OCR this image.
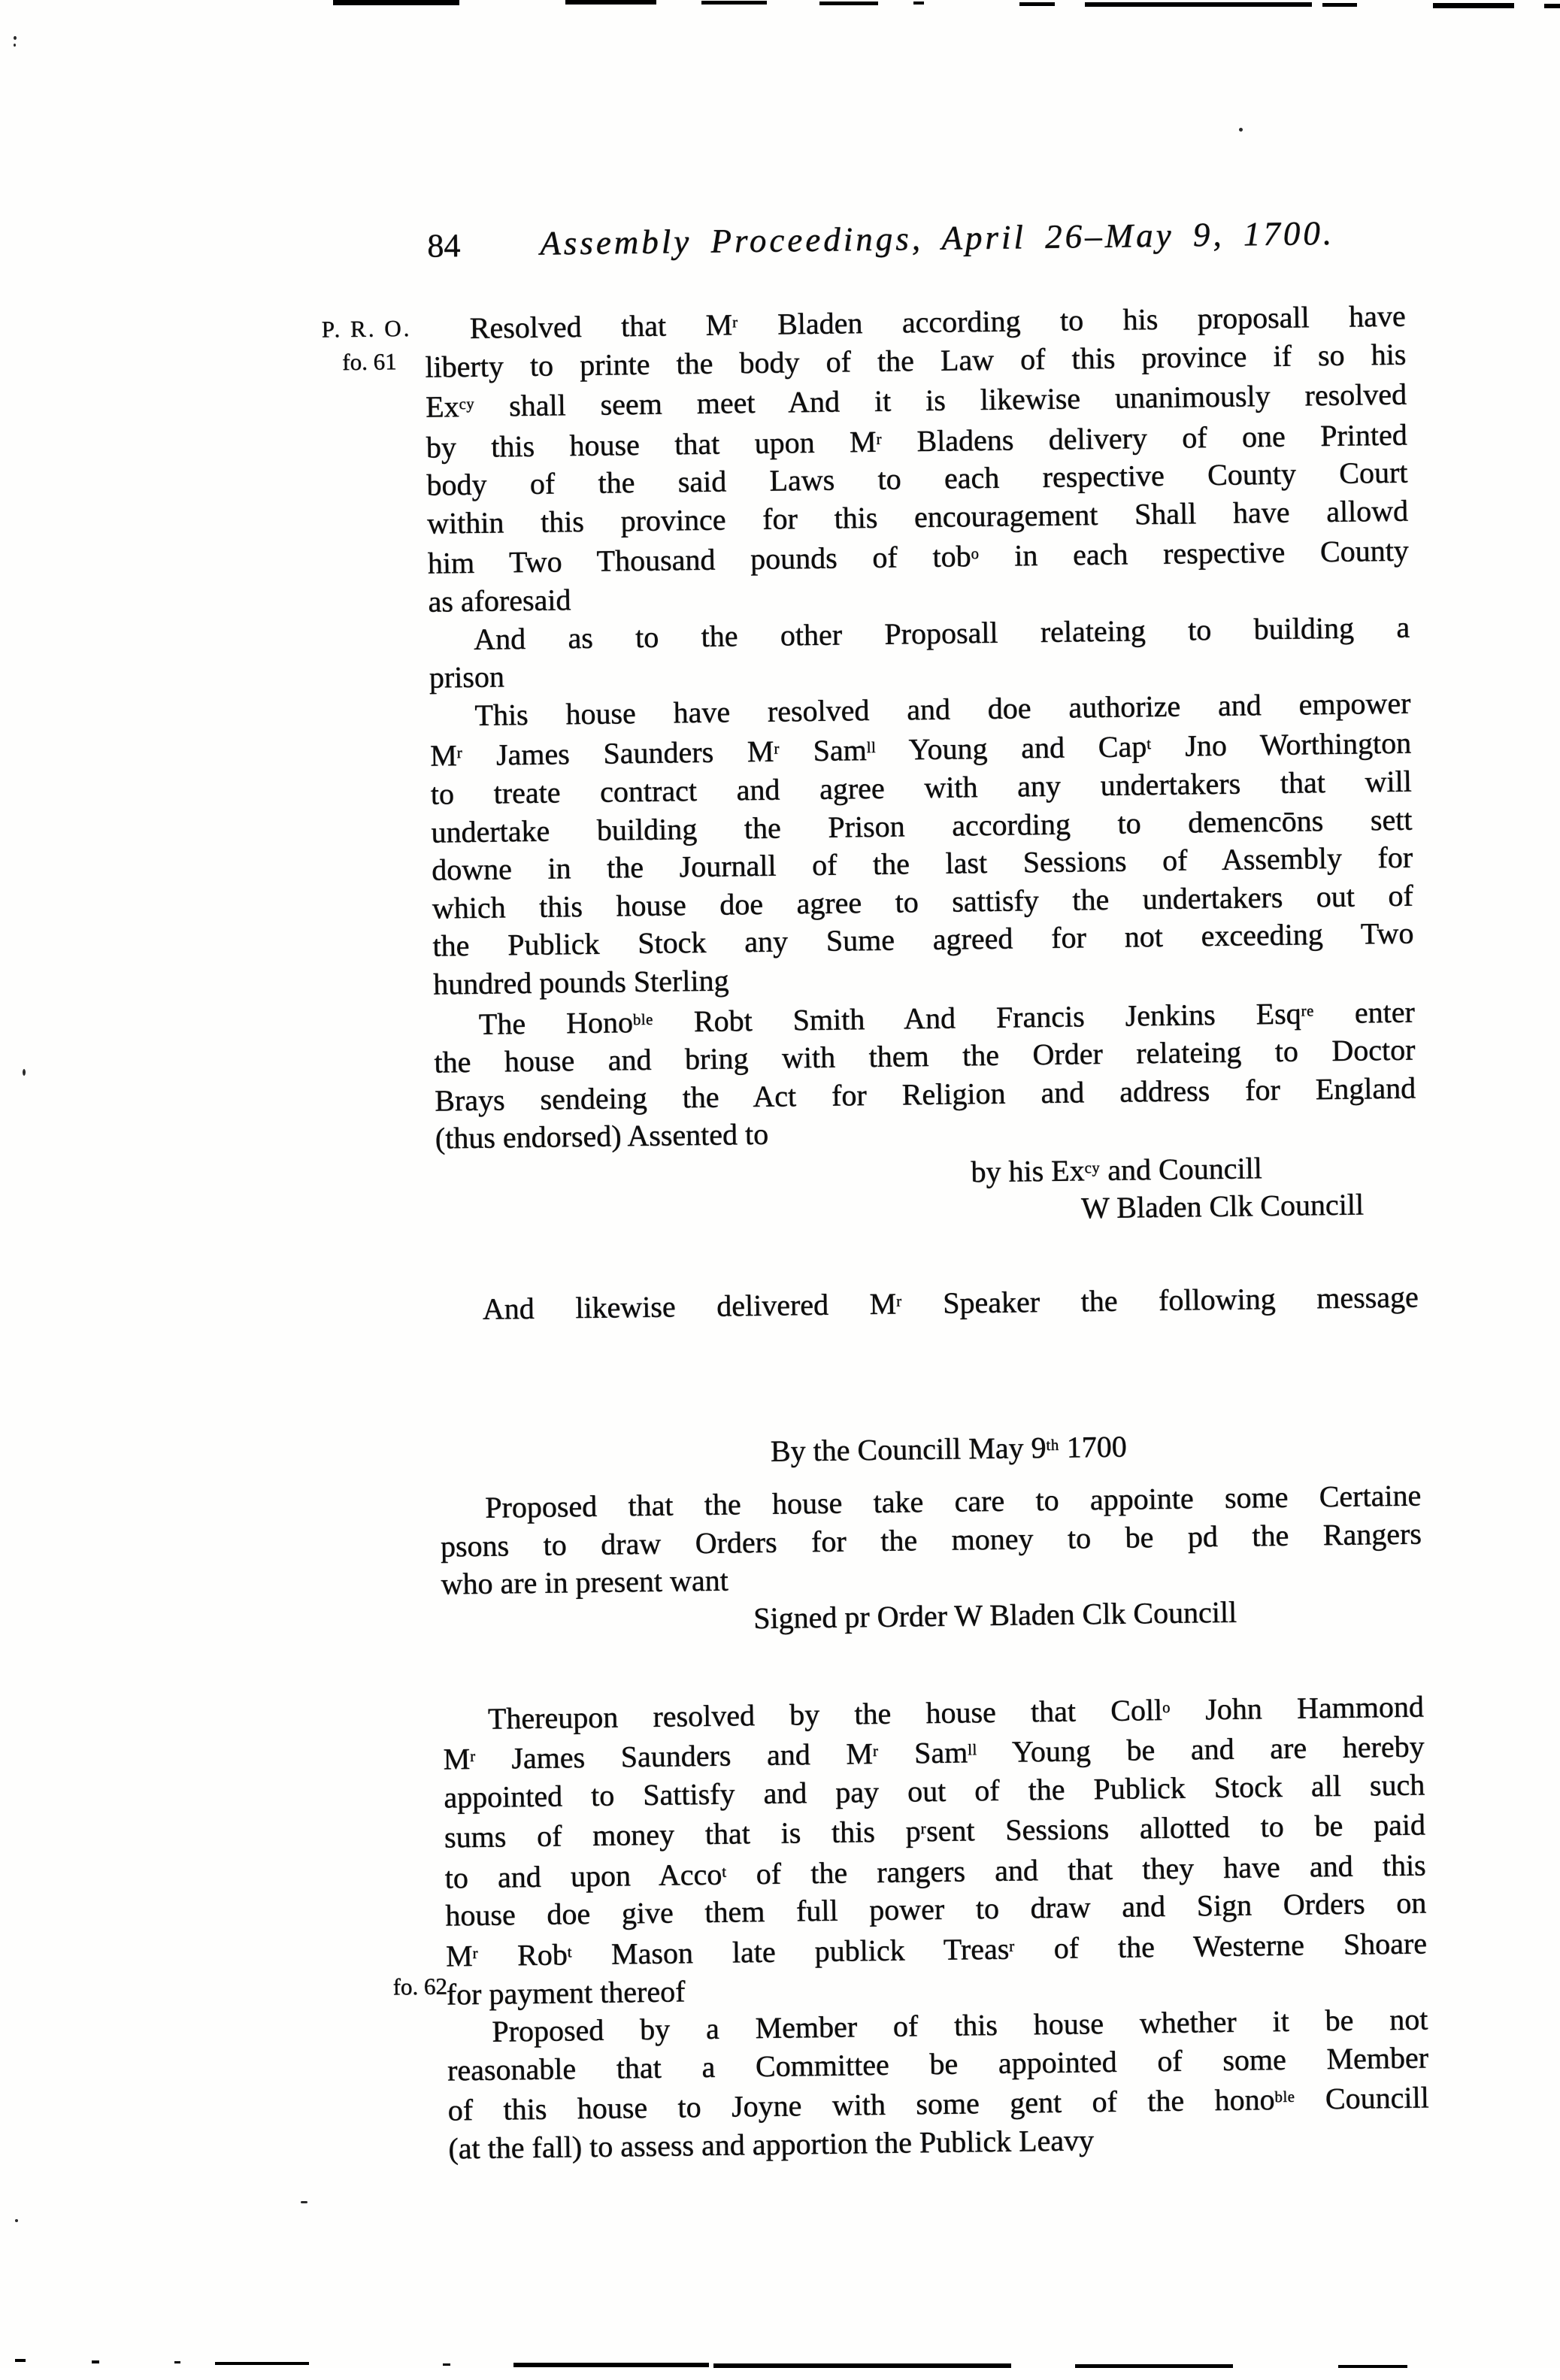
84 Assembly Proceedings, April 26–May 9, 1700.
P. R. O.
fo. 61
fo. 62
Resolved that $M^r$ Bladen according to his proposall have
liberty to printe the body of the Law of this province if so his
$Ex^{cy}$ shall seem meet And it is likewise unanimously resolved
by this house that upon $M^r$ Bladens delivery of one Printed
body of the said Laws to each respective County Court
within this province for this encouragement Shall have allowd
him Two Thousand pounds of tob$^o$ in each respective County
as aforesaid
And as to the other Proposall relateing to building a
prison
This house have resolved and doe authorize and empower
$M^r$ James Saunders $M^r$ Sam$^{ll}$ Young and Cap$^t$ Jno Worthington
to treate contract and agree with any undertakers that will
undertake building the Prison according to demencōns sett
downe in the Journall of the last Sessions of Assembly for
which this house doe agree to sattisfy the undertakers out of
the Publick Stock any Sume agreed for not exceeding Two
hundred pounds Sterling
The Hono$^{ble}$ Robt Smith And Francis Jenkins Esq$^{re}$ enter
the house and bring with them the Order relateing to Doctor
Brays sendeing the Act for Religion and address for England
(thus endorsed) Assented to
by his $Ex^{cy}$ and Councill
W Bladen Clk Councill
And likewise delivered $M^r$ Speaker the following message
By the Councill May 9th 1700
Proposed that the house take care to appointe some Certaine
psons to draw Orders for the money to be pd the Rangers
who are in present want
Signed pr Order W Bladen Clk Councill
Thereupon resolved by the house that Coll$^o$ John Hammond
$M^r$ James Saunders and $M^r$ Sam$^{ll}$ Young be and are hereby
appointed to Sattisfy and pay out of the Publick Stock all such
sums of money that is this $p^rsent$ Sessions allotted to be paid
to and upon Acco$^t$ of the rangers and that they have and this
house doe give them full power to draw and Sign Orders on
$M^r$ Rob$^t$ Mason late publick Treas$^r$ of the Westerne Shoare
for payment thereof
Proposed by a Member of this house whether it be not
reasonable that a Committee be appointed of some Member
of this house to Joyne with some gent of the hono$^{ble}$ Councill
(at the fall) to assess and apportion the Publick Leavy
